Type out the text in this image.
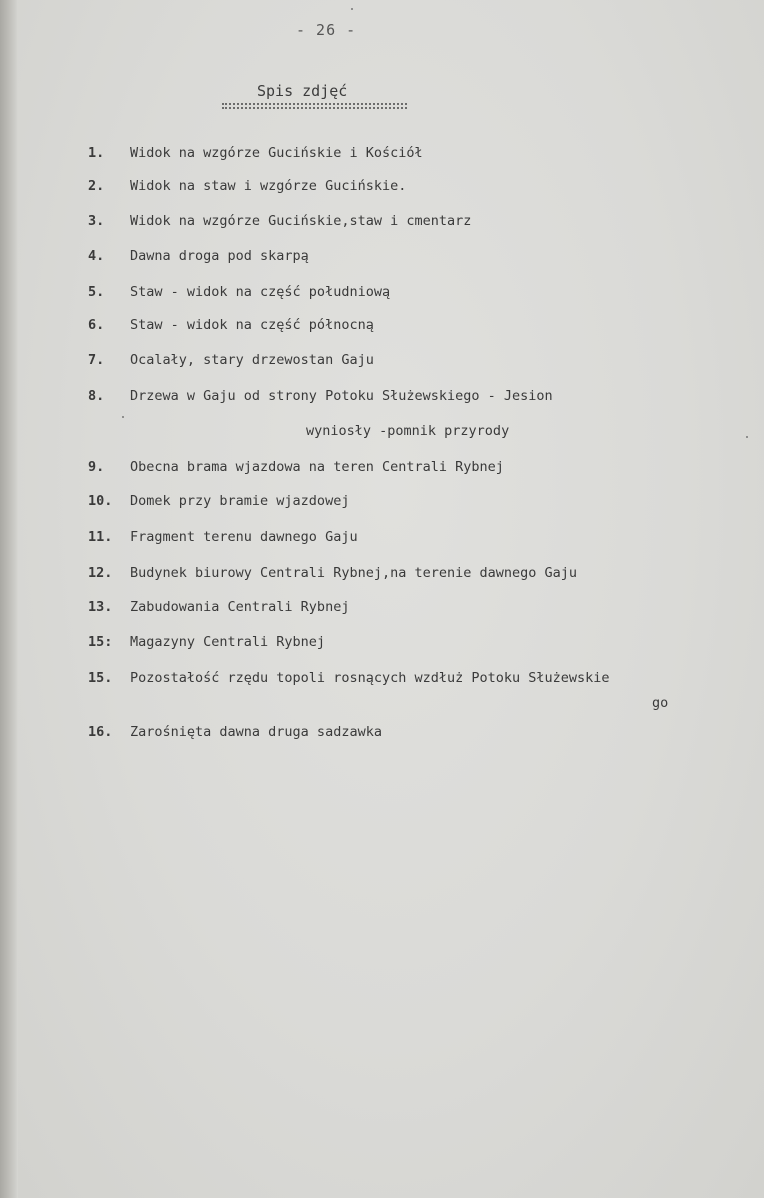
- 26 -
Spis zdjęć
1. Widok na wzgórze Gucińskie i Kościół
2. Widok na staw i wzgórze Gucińskie.
3. Widok na wzgórze Gucińskie,staw i cmentarz
4. Dawna droga pod skarpą
5. Staw - widok na część południową
6. Staw - widok na część północną
7. Ocalały, stary drzewostan Gaju
8. Drzewa w Gaju od strony Potoku Służewskiego - Jesion
wyniosły -pomnik przyrody
9. Obecna brama wjazdowa na teren Centrali Rybnej
10. Domek przy bramie wjazdowej
11. Fragment terenu dawnego Gaju
12. Budynek biurowy Centrali Rybnej,na terenie dawnego Gaju
13. Zabudowania Centrali Rybnej
15: Magazyny Centrali Rybnej
15. Pozostałość rzędu topoli rosnących wzdłuż Potoku Służewskie
go
16. Zarośnięta dawna druga sadzawka
